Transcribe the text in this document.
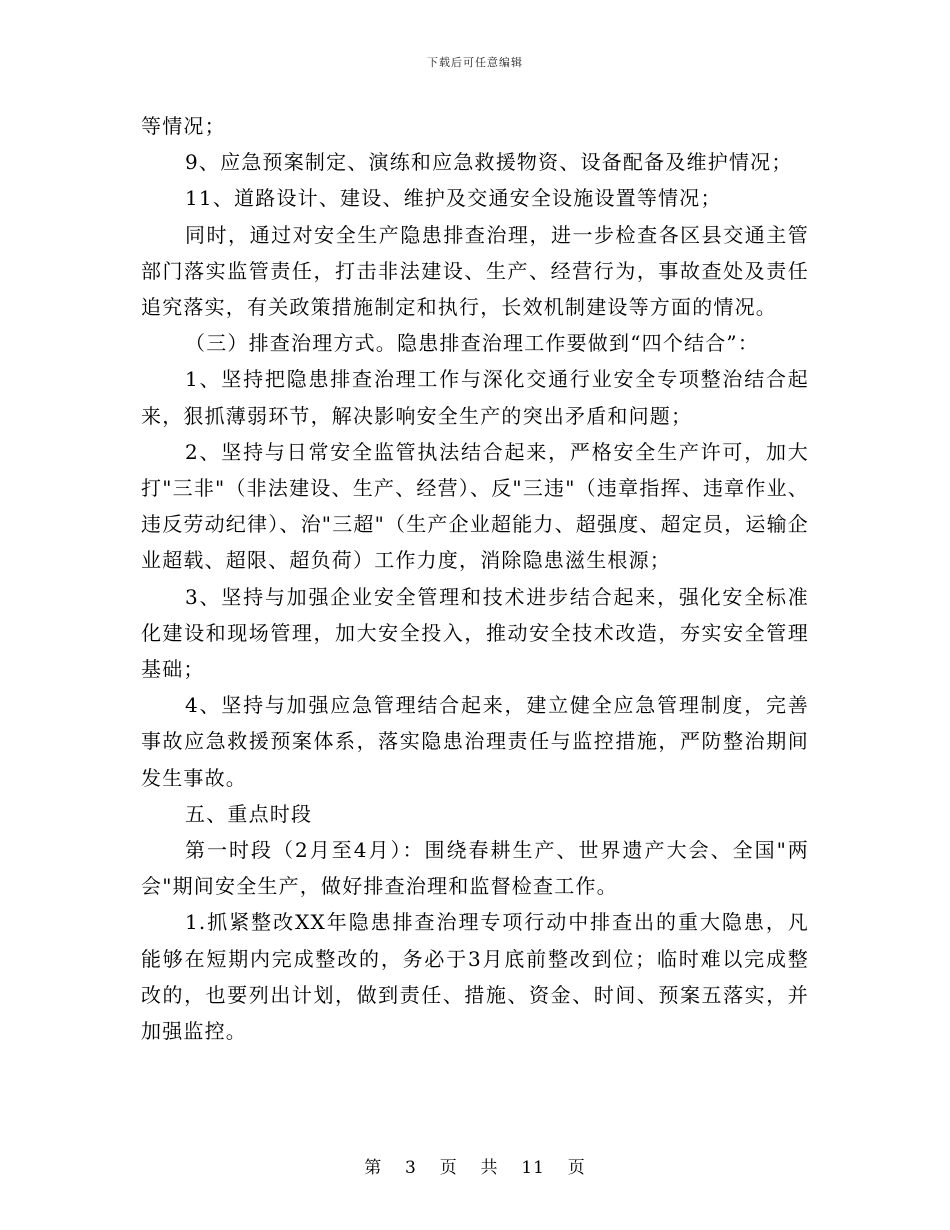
下载后可任意编辑

等情况；

9、应急预案制定、演练和应急救援物资、设备配备及维护情况；

11、道路设计、建设、维护及交通安全设施设置等情况；

同时，通过对安全生产隐患排查治理，进一步检查各区县交通主管部门落实监管责任，打击非法建设、生产、经营行为，事故查处及责任追究落实，有关政策措施制定和执行，长效机制建设等方面的情况。

（三）排查治理方式。隐患排查治理工作要做到“四个结合”：

1、坚持把隐患排查治理工作与深化交通行业安全专项整治结合起来，狠抓薄弱环节，解决影响安全生产的突出矛盾和问题；

2、坚持与日常安全监管执法结合起来，严格安全生产许可，加大打"三非"（非法建设、生产、经营）、反"三违"（违章指挥、违章作业、违反劳动纪律）、治"三超"（生产企业超能力、超强度、超定员，运输企业超载、超限、超负荷）工作力度，消除隐患滋生根源；

3、坚持与加强企业安全管理和技术进步结合起来，强化安全标准化建设和现场管理，加大安全投入，推动安全技术改造，夯实安全管理基础；

4、坚持与加强应急管理结合起来，建立健全应急管理制度，完善事故应急救援预案体系，落实隐患治理责任与监控措施，严防整治期间发生事故。

五、重点时段

第一时段（2月至4月）：围绕春耕生产、世界遗产大会、全国"两会"期间安全生产，做好排查治理和监督检查工作。

1.抓紧整改XX年隐患排查治理专项行动中排查出的重大隐患，凡能够在短期内完成整改的，务必于3月底前整改到位；临时难以完成整改的，也要列出计划，做到责任、措施、资金、时间、预案五落实，并加强监控。

第 3 页 共 11 页
